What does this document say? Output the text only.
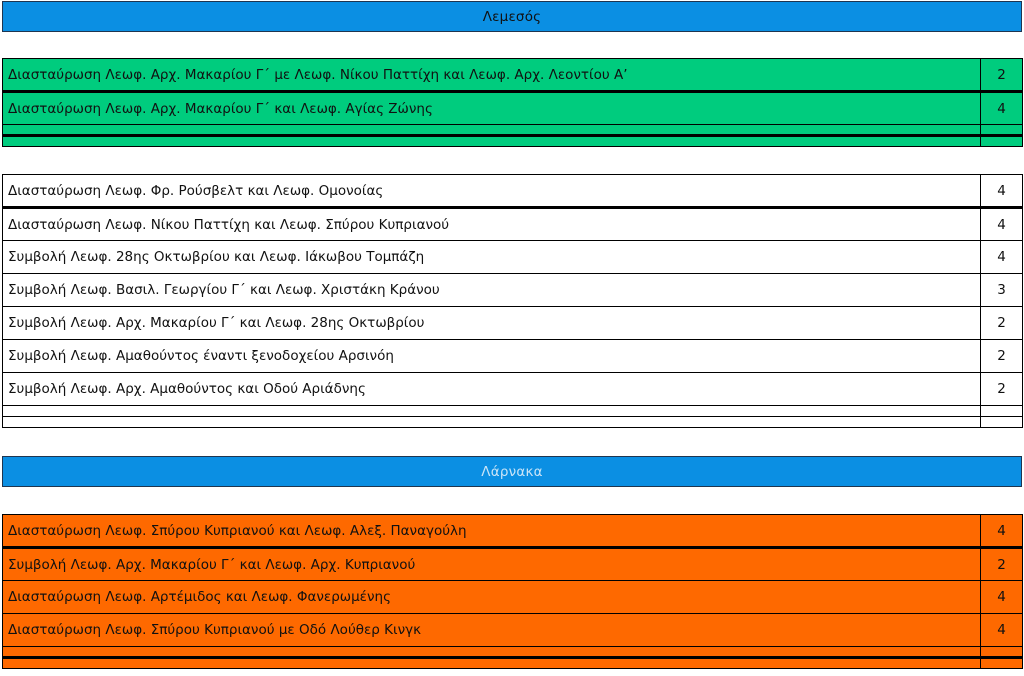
Λεμεσός
Διασταύρωση Λεωφ. Αρχ. Μακαρίου Γ΄ με Λεωφ. Νίκου Παττίχη και Λεωφ. Αρχ. Λεοντίου Α’	2
Διασταύρωση Λεωφ. Αρχ. Μακαρίου Γ΄ και Λεωφ. Αγίας Ζώνης	4

Διασταύρωση Λεωφ. Φρ. Ρούσβελτ και Λεωφ. Ομονοίας	4
Διασταύρωση Λεωφ. Νίκου Παττίχη και Λεωφ. Σπύρου Κυπριανού	4
Συμβολή Λεωφ. 28ης Οκτωβρίου και Λεωφ. Ιάκωβου Τομπάζη	4
Συμβολή Λεωφ. Βασιλ. Γεωργίου Γ΄ και Λεωφ. Χριστάκη Κράνου	3
Συμβολή Λεωφ. Αρχ. Μακαρίου Γ΄ και Λεωφ. 28ης Οκτωβρίου	2
Συμβολή Λεωφ. Αμαθούντος έναντι ξενοδοχείου Αρσινόη	2
Συμβολή Λεωφ. Αρχ. Αμαθούντος και Οδού Αριάδνης	2

Λάρνακα
Διασταύρωση Λεωφ. Σπύρου Κυπριανού και Λεωφ. Αλεξ. Παναγούλη	4
Συμβολή Λεωφ. Αρχ. Μακαρίου Γ΄ και Λεωφ. Αρχ. Κυπριανού	2
Διασταύρωση Λεωφ. Αρτέμιδος και Λεωφ. Φανερωμένης	4
Διασταύρωση Λεωφ. Σπύρου Κυπριανού με Οδό Λούθερ Κινγκ	4
